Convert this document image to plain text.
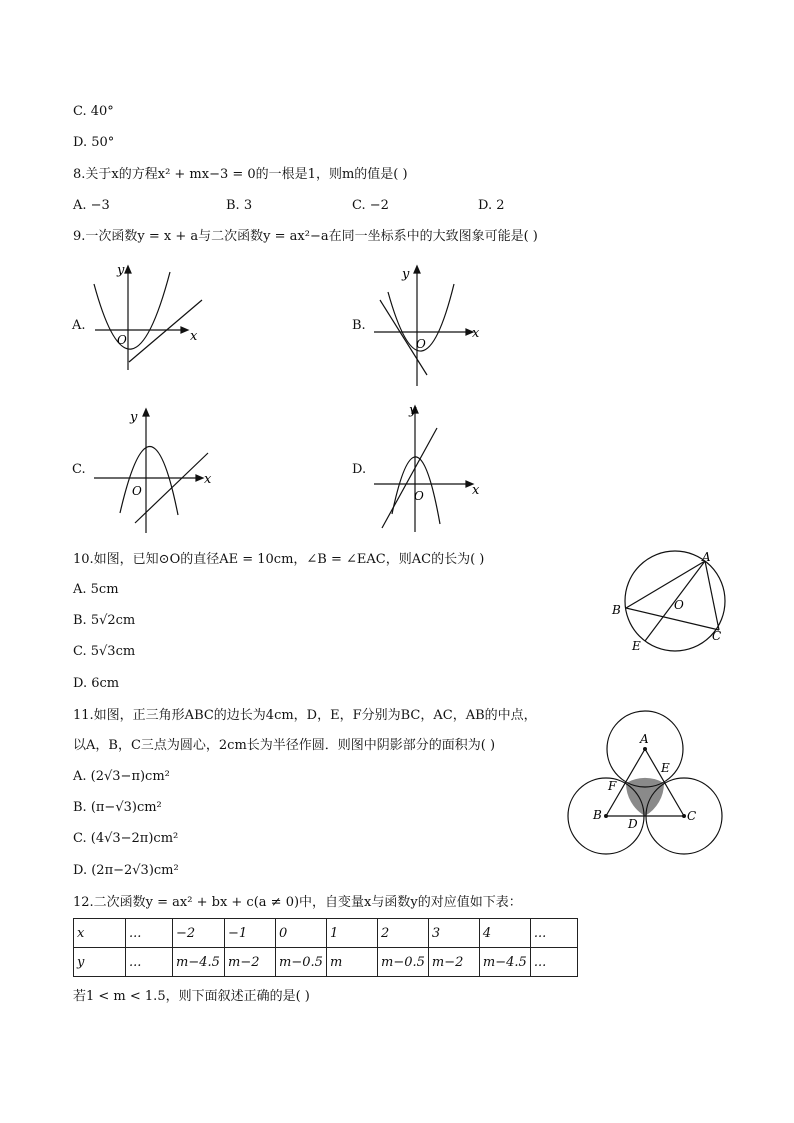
C. 40°
D. 50°
8.关于x的方程x² + mx−3 = 0的一根是1，则m的值是( )
A. −3	B. 3	C. −2	D. 2
9.一次函数y = x + a与二次函数y = ax²−a在同一坐标系中的大致图象可能是( )
A.
x
y
O
B.
x
y
O
C.
x
y
O
D.
x
y
O
10.如图，已知⊙O的直径AE = 10cm，∠B = ∠EAC，则AC的长为( )
A. 5cm
B. 5√2cm
C. 5√3cm
D. 6cm
A
B
C
E
O
11.如图，正三角形ABC的边长为4cm，D，E，F分别为BC，AC，AB的中点，
以A，B，C三点为圆心，2cm长为半径作圆．则图中阴影部分的面积为( )
A. (2√3−π)cm²
B. (π−√3)cm²
C. (4√3−2π)cm²
D. (2π−2√3)cm²
A
B	C
D
E
F
12.二次函数y = ax² + bx + c(a ≠ 0)中，自变量x与函数y的对应值如下表：
x	...	−2	−1	0	1	2	3	4	...
y	...	m−4.5	m−2	m−0.5	m	m−0.5	m−2	m−4.5	...
若1 < m < 1.5，则下面叙述正确的是( )
